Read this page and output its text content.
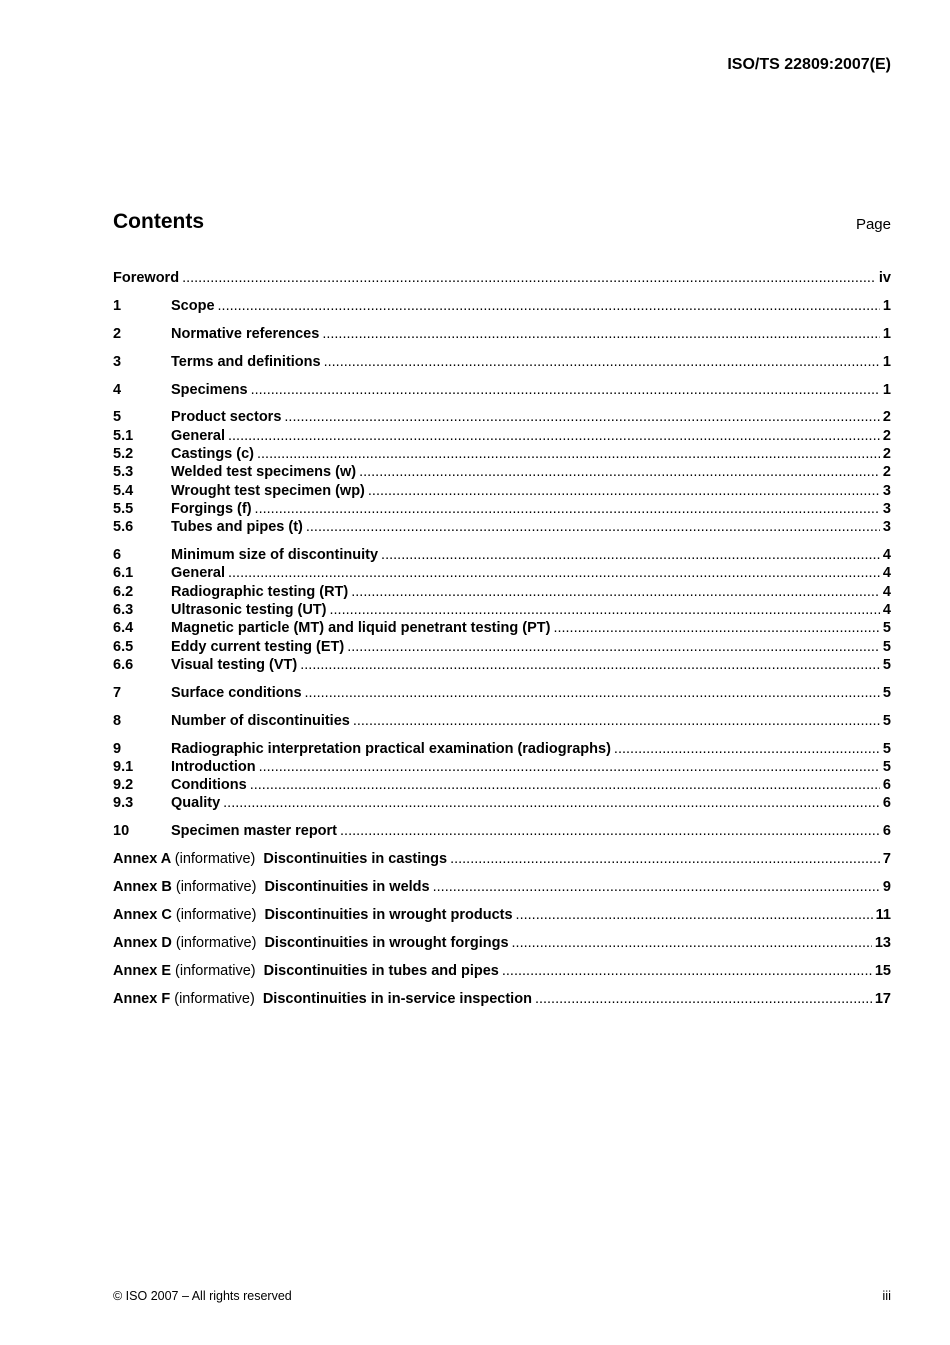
ISO/TS 22809:2007(E)
Contents	Page
Foreword .....	iv
1	Scope .....	1
2	Normative references .....	1
3	Terms and definitions .....	1
4	Specimens .....	1
5	Product sectors .....	2
5.1	General .....	2
5.2	Castings (c) .....	2
5.3	Welded test specimens (w) .....	2
5.4	Wrought test specimen (wp) .....	3
5.5	Forgings (f) .....	3
5.6	Tubes and pipes (t) .....	3
6	Minimum size of discontinuity .....	4
6.1	General .....	4
6.2	Radiographic testing (RT) .....	4
6.3	Ultrasonic testing (UT) .....	4
6.4	Magnetic particle (MT) and liquid penetrant testing (PT) .....	5
6.5	Eddy current testing (ET) .....	5
6.6	Visual testing (VT) .....	5
7	Surface conditions .....	5
8	Number of discontinuities .....	5
9	Radiographic interpretation practical examination (radiographs) .....	5
9.1	Introduction .....	5
9.2	Conditions .....	6
9.3	Quality .....	6
10	Specimen master report .....	6
Annex A (informative) Discontinuities in castings .....	7
Annex B (informative) Discontinuities in welds .....	9
Annex C (informative) Discontinuities in wrought products .....	11
Annex D (informative) Discontinuities in wrought forgings .....	13
Annex E (informative) Discontinuities in tubes and pipes .....	15
Annex F (informative) Discontinuities in in-service inspection .....	17
© ISO 2007 – All rights reserved	iii
